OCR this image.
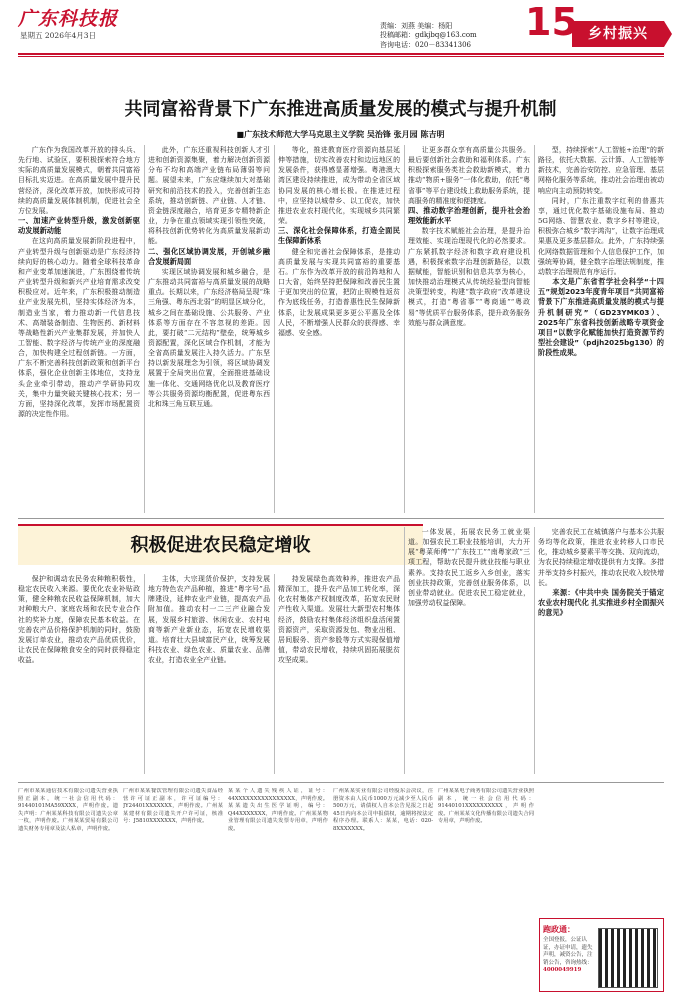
广东科技报
星期五 2026年4月3日
责编：刘燕 美编：杨阳
投稿邮箱：gdkjbq@163.com
咨询电话：020－83341306
乡村振兴
15
共同富裕背景下广东推进高质量发展的模式与提升机制
■广东技术师范大学马克思主义学院 吴治锋 张月园 陈吉明

广东作为我国改革开放的排头兵、先行地、试验区，要积极探索符合地方实际的高质量发展模式，朝着共同富裕目标扎实迈进。在高质量发展中提升民营经济，深化改革开放，加快形成可持续的高质量发展体制机制，促进社会全方位发展。

一、加速产业转型升级，激发创新驱动发展新动能

在这向高质量发展新阶段进程中，产业转型升级与创新驱动是广东经济持续向好的核心动力。随着全球科技革命和产业变革加速演进，广东围绕着传统产业转型升级和新兴产业培育需求改变积极应对。近年来，广东积极推动制造业产业发展先机，坚持实体经济为本，制造业当家，着力推动新一代信息技术、高端装备制造、生物医药、新材料等战略性新兴产业集群发展，并加快人工智能、数字经济与传统产业的深度融合，加快构建全过程创新链。一方面，广东不断完善科技创新政策和创新平台体系，强化企业创新主体地位，支持龙头企业牵引带动，推动产学研协同攻关，集中力量突破关键核心技术；另一方面，坚持深化改革，发挥市场配置资源的决定性作用。

此外，广东还重视科技创新人才引进和创新资源集聚，着力解决创新资源分布不均和高端产业链布局薄弱等问题。展望未来，广东应继续加大对基础研究和前沿技术的投入，完善创新生态系统，推动创新链、产业链、人才链、资金链深度融合，培育更多专精特新企业，力争在重点领域实现引领性突破，将科技创新优势转化为高质量发展新动能。

二、强化区域协调发展，开创城乡融合发展新局面

实现区域协调发展和城乡融合，是广东推动共同富裕与高质量发展的战略重点。长期以来，广东经济格局呈现“珠三角强、粤东西北弱”的明显区域分化，城乡之间在基础设施、公共服务、产业体系等方面存在不容忽视的差距。因此，要打破“二元结构”壁垒，统筹城乡资源配置，深化区域合作机制，才能为全省高质量发展注入持久活力。广东坚持以新发展理念为引领，将区域协调发展置于全局突出位置，全面推进基础设施一体化、交通网络优化以及教育医疗等公共服务资源均衡配置，促进粤东西北和珠三角互联互通。

等化，推进教育医疗资源向基层延伸等措施，切实改善农村和边远地区的发展条件，获得感显著增强。粤港澳大湾区建设持续推进，成为带动全省区域协同发展的核心增长极。在推进过程中，应坚持以城带乡、以工促农，加快推进农业农村现代化，实现城乡共同繁荣。

三、深化社会保障体系，打造全面民生保障新体系

健全和完善社会保障体系，是推动高质量发展与实现共同富裕的重要基石。广东作为改革开放的前沿阵地和人口大省，始终坚持把保障和改善民生置于更加突出的位置，把防止规模性返贫作为底线任务，打造普惠性民生保障新体系，让发展成果更多更公平惠及全体人民，不断增强人民群众的获得感、幸福感、安全感。

让更多群众享有高质量公共服务。最后要创新社会救助和福利体系。广东积极探索服务类社会救助新模式，着力推动“物质+服务”一体化救助，依托“粤省事”等平台建设线上救助服务系统，提高服务的精准度和便捷度。

四、推动数字治理创新，提升社会治理效能新水平

数字技术赋能社会治理，是提升治理效能、实现治理现代化的必然要求。广东紧抓数字经济和数字政府建设机遇，积极探索数字治理创新路径，以数据赋能，智能识别和信息共享为核心，加快推动治理模式从传统经验型向智能决策型转变，构建“数字政府”改革建设模式，打造“粤省事”“粤商通”“粤政易”等优质平台服务体系，提升政务服务效能与群众满意度。

型，持续探索“人工智能+治理”的新路径，依托大数据、云计算、人工智能等新技术，完善治安防控、应急管理、基层网格化服务等系统，推动社会治理由被动响应向主动预防转变。

同时，广东注重数字红利的普惠共享，通过优化数字基础设施布局、推动5G网络、智慧农业、数字乡村等建设，积极弥合城乡“数字鸿沟”，让数字治理成果惠及更多基层群众。此外，广东持续强化网络数据管理和个人信息保护工作，加强统筹协调，健全数字治理法规制度，推动数字治理规范有序运行。

本文是广东省哲学社会科学“十四五”规划2023年度青年项目“共同富裕背景下广东推进高质量发展的模式与提升机制研究”（GD23YMK03）、2025年广东省科技创新战略专项资金项目“以数字化赋能加快打造资源节约型社会建设”（pdjh2025bg130）的阶段性成果。

积极促进农民稳定增收

保护和调动农民务农种粮积极性，稳定农民收入来源。要优化农业补贴政策，健全种粮农民收益保障机制，加大对种粮大户、家庭农场和农民专业合作社的奖补力度，保障农民基本收益。在完善农产品价格保护机制的同时，鼓励发展订单农业，推动农产品优质优价，让农民在保障粮食安全的同时获得稳定收益。

主体，大宗现货价保护，支持发展地方特色农产品种植，推进“粤字号”品牌建设，延伸农业产业链，提高农产品附加值。推动农村一二三产业融合发展，发展乡村旅游、休闲农业、农村电商等新产业新业态，拓宽农民增收渠道。培育壮大县域富民产业，统筹发展科技农业、绿色农业、质量农业、品牌农业，打造农业全产业链。

持发展绿色高效种养，推进农产品精深加工，提升农产品加工转化率，深化农村集体产权制度改革，拓宽农民财产性收入渠道。发展壮大新型农村集体经济，鼓励农村集体经济组织盘活闲置资源资产，采取资源发包、物业出租、居间服务、资产参股等方式实现保值增值，带动农民增收，持续巩固拓展脱贫攻坚成果。

一体发展，拓展农民务工就业渠道。加强农民工职业技能培训，大力开展“粤菜师傅”“广东技工”“南粤家政”三项工程，帮助农民提升就业技能与职业素养。支持农民工返乡入乡创业，落实创业扶持政策，完善创业服务体系，以创业带动就业。促进农民工稳定就业，加强劳动权益保障。

完善农民工在城镇落户与基本公共服务均等化政策，推进农业转移人口市民化，推动城乡要素平等交换、双向流动，为农民持续稳定增收提供有力支撑。多措并举支持乡村振兴，推动农民收入较快增长。

来源：《中共中央 国务院关于锚定农业农村现代化 扎实推进乡村全面振兴的意见》

广州市某某通信技术有限公司遗失营业执照正副本，统一社会信用代码：91440101MA59XXXX，声明作废。遗失声明：广州某某科技有限公司遗失公章一枚，声明作废。广州某某贸易有限公司遗失财务专用章及法人私章，声明作废。

广州市某某餐饮管理有限公司遗失食品经营许可证正副本，许可证编号：JY24401XXXXXXX，声明作废。广州某某建材有限公司遗失开户许可证，核准号：J5810XXXXXXX，声明作废。

某某个人遗失残疾人证，证号：44XXXXXXXXXXXXXXXX，声明作废。某某遗失出生医学证明，编号：Q44XXXXXXX，声明作废。广州某某物业管理有限公司遗失发票专用章，声明作废。

广州某某实业有限公司经股东会决议，注册资本由人民币1000万元减少至人民币500万元，请债权人自本公告见报之日起45日内向本公司申报债权，逾期将按法定程序办理。联系人：某某，电话：020-8XXXXXXX。

广州某某电子商务有限公司遗失营业执照副本，统一社会信用代码：91440101XXXXXXXXXX，声明作废。广州某某文化传播有限公司遗失合同专用章，声明作废。

跑政通：
全国登报，公证认证，办证申请，遗失声明，减资公告，注销公告，咨询热线：
4000049919
